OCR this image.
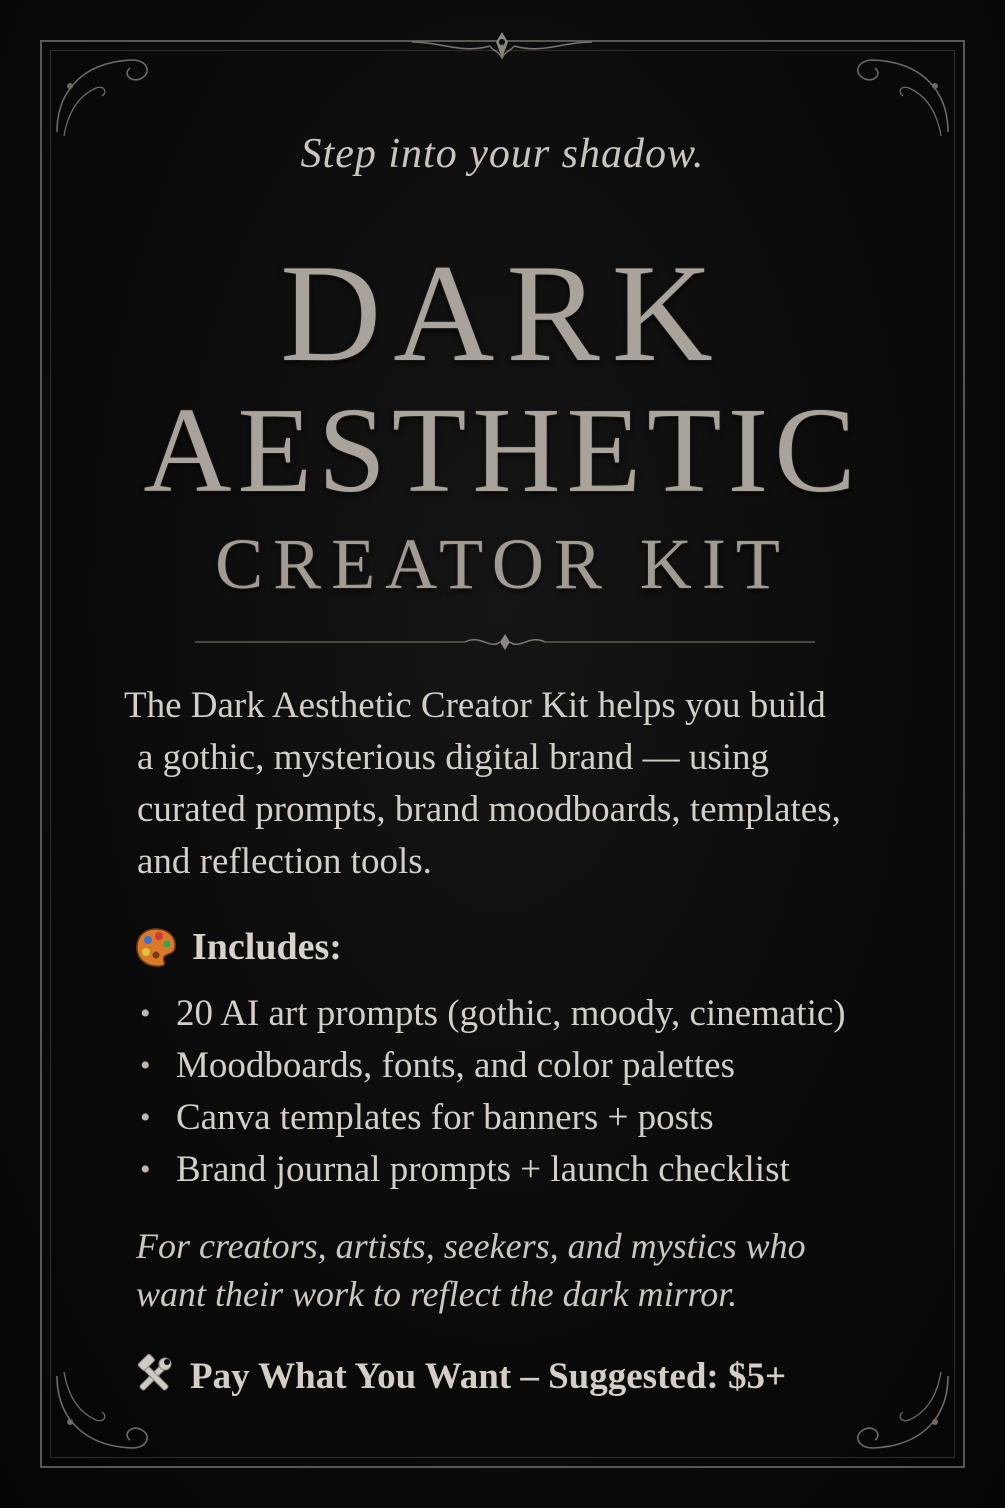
Step into your shadow.
DARK
AESTHETIC
CREATOR KIT
The Dark Aesthetic Creator Kit helps you build
a gothic, mysterious digital brand — using
curated prompts, brand moodboards, templates,
and reflection tools.
Includes:
• 20 AI art prompts (gothic, moody, cinematic)
• Moodboards, fonts, and color palettes
• Canva templates for banners + posts
• Brand journal prompts + launch checklist
For creators, artists, seekers, and mystics who
want their work to reflect the dark mirror.
Pay What You Want – Suggested: $5+
